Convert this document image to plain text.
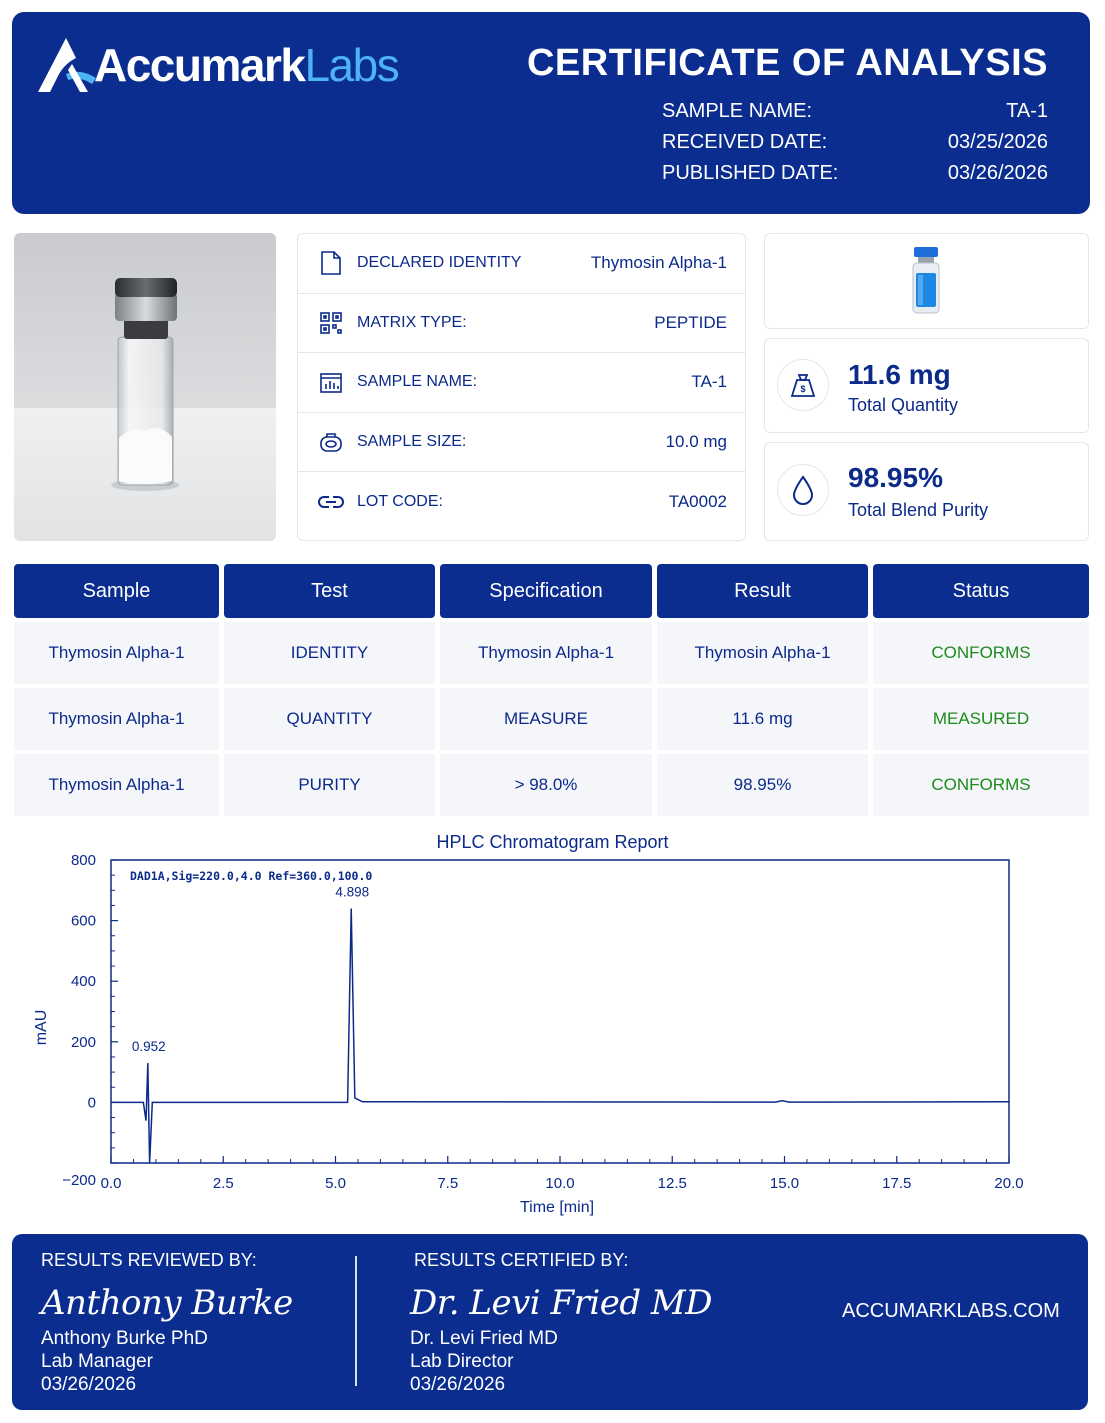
AccumarkLabs	CERTIFICATE OF ANALYSIS
SAMPLE NAME:	TA-1
RECEIVED DATE:	03/25/2026
PUBLISHED DATE:	03/26/2026
DECLARED IDENTITY	Thymosin Alpha-1
MATRIX TYPE:	PEPTIDE
SAMPLE NAME:	TA-1
SAMPLE SIZE:	10.0 mg
LOT CODE:	TA0002
$ 11.6 mg
Total Quantity
98.95%
Total Blend Purity
Sample	Test	Specification	Result	Status
Thymosin Alpha-1	IDENTITY	Thymosin Alpha-1	Thymosin Alpha-1	CONFORMS
Thymosin Alpha-1	QUANTITY	MEASURE	11.6 mg	MEASURED
Thymosin Alpha-1	PURITY	> 98.0%	98.95%	CONFORMS
HPLC Chromatogram Report
0.0	2.5	5.0	7.5	10.0	12.5	15.0	17.5	20.0
800
600
400
200
0
−200
Time [min]
mAU
DAD1A,Sig=220.0,4.0 Ref=360.0,100.0
0.952
4.898
RESULTS REVIEWED BY:
Anthony Burke
Anthony Burke PhD
Lab Manager
03/26/2026
RESULTS CERTIFIED BY:
Dr. Levi Fried MD
Dr. Levi Fried MD
Lab Director
03/26/2026
ACCUMARKLABS.COM
